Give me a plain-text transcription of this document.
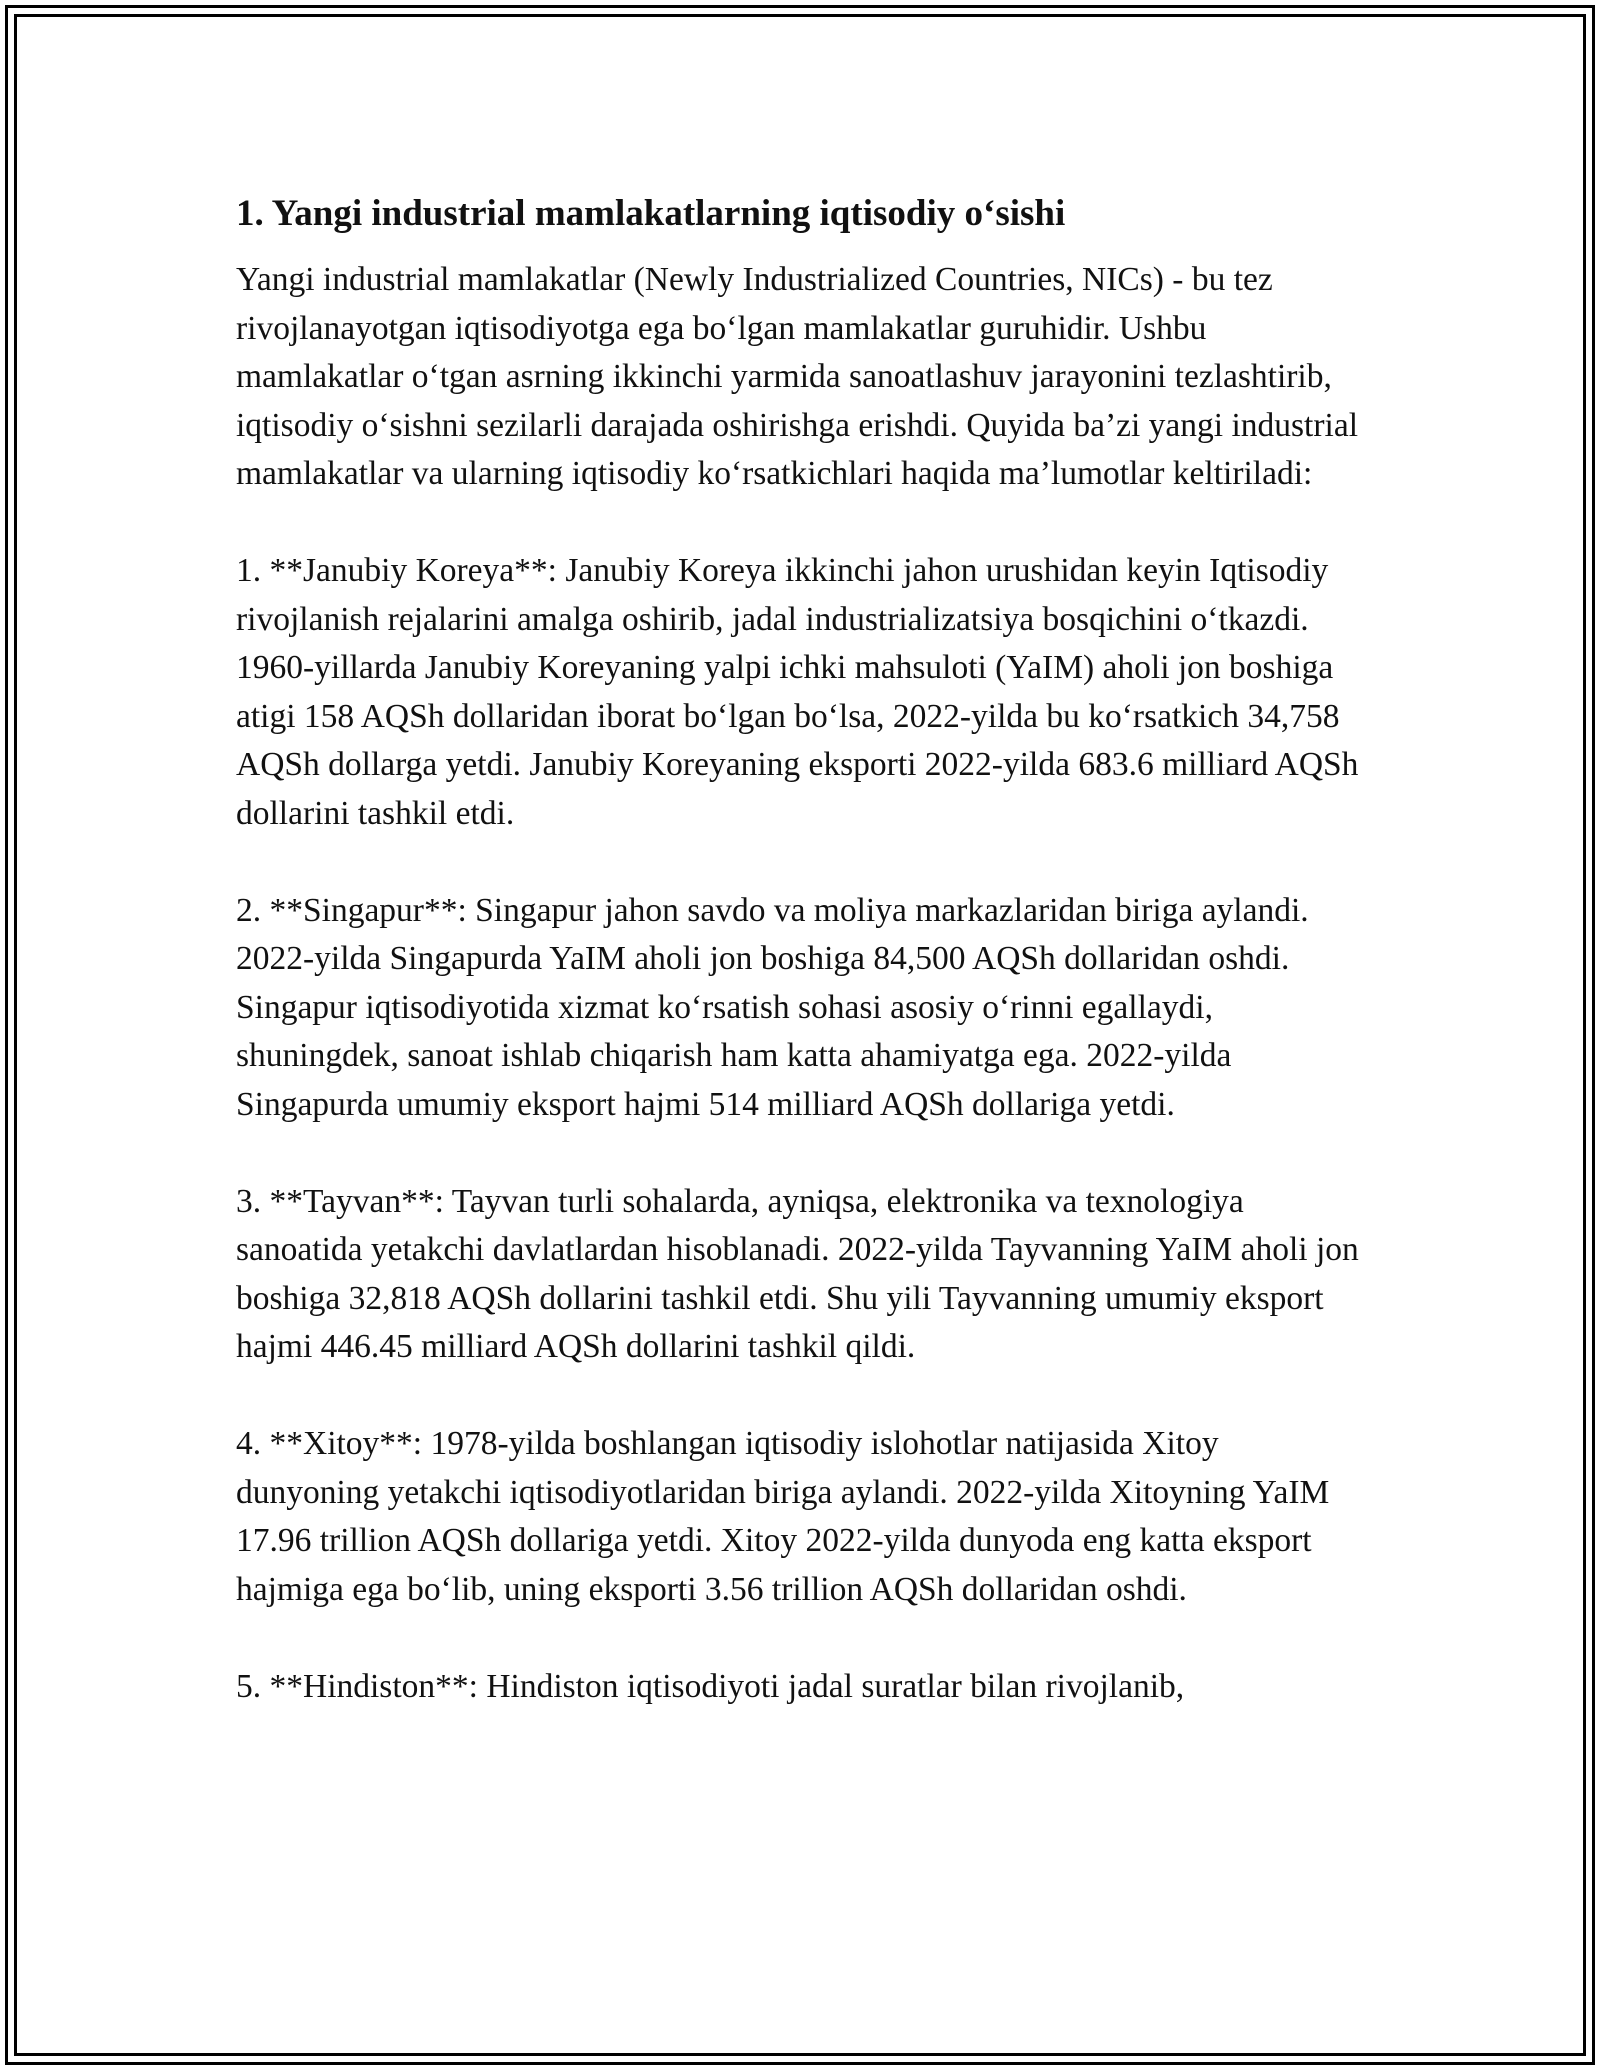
1. Yangi industrial mamlakatlarning iqtisodiy o‘sishi

Yangi industrial mamlakatlar (Newly Industrialized Countries, NICs) - bu tez rivojlanayotgan iqtisodiyotga ega bo‘lgan mamlakatlar guruhidir. Ushbu mamlakatlar o‘tgan asrning ikkinchi yarmida sanoatlashuv jarayonini tezlashtirib, iqtisodiy o‘sishni sezilarli darajada oshirishga erishdi. Quyida ba’zi yangi industrial mamlakatlar va ularning iqtisodiy ko‘rsatkichlari haqida ma’lumotlar keltiriladi:

1. **Janubiy Koreya**: Janubiy Koreya ikkinchi jahon urushidan keyin Iqtisodiy rivojlanish rejalarini amalga oshirib, jadal industrializatsiya bosqichini o‘tkazdi. 1960-yillarda Janubiy Koreyaning yalpi ichki mahsuloti (YaIM) aholi jon boshiga atigi 158 AQSh dollaridan iborat bo‘lgan bo‘lsa, 2022-yilda bu ko‘rsatkich 34,758 AQSh dollarga yetdi. Janubiy Koreyaning eksporti 2022-yilda 683.6 milliard AQSh dollarini tashkil etdi.

2. **Singapur**: Singapur jahon savdo va moliya markazlaridan biriga aylandi. 2022-yilda Singapurda YaIM aholi jon boshiga 84,500 AQSh dollaridan oshdi. Singapur iqtisodiyotida xizmat ko‘rsatish sohasi asosiy o‘rinni egallaydi, shuningdek, sanoat ishlab chiqarish ham katta ahamiyatga ega. 2022-yilda Singapurda umumiy eksport hajmi 514 milliard AQSh dollariga yetdi.

3. **Tayvan**: Tayvan turli sohalarda, ayniqsa, elektronika va texnologiya sanoatida yetakchi davlatlardan hisoblanadi. 2022-yilda Tayvanning YaIM aholi jon boshiga 32,818 AQSh dollarini tashkil etdi. Shu yili Tayvanning umumiy eksport hajmi 446.45 milliard AQSh dollarini tashkil qildi.

4. **Xitoy**: 1978-yilda boshlangan iqtisodiy islohotlar natijasida Xitoy dunyoning yetakchi iqtisodiyotlaridan biriga aylandi. 2022-yilda Xitoyning YaIM 17.96 trillion AQSh dollariga yetdi. Xitoy 2022-yilda dunyoda eng katta eksport hajmiga ega bo‘lib, uning eksporti 3.56 trillion AQSh dollaridan oshdi.

5. **Hindiston**: Hindiston iqtisodiyoti jadal suratlar bilan rivojlanib,
